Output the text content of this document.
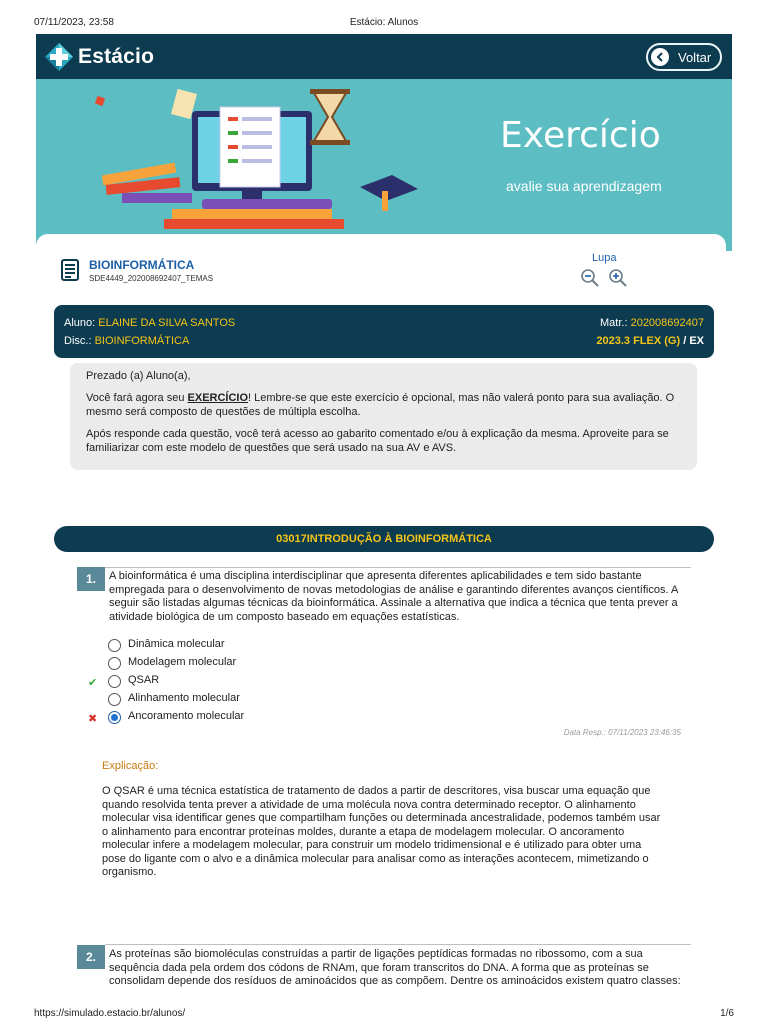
07/11/2023, 23:58	Estácio: Alunos
Estácio	Voltar
Exercício
avalie sua aprendizagem
BIOINFORMÁTICA
SDE4449_202008692407_TEMAS
Lupa
Aluno: ELAINE DA SILVA SANTOS
Disc.: BIOINFORMÁTICA
Matr.: 202008692407
2023.3 FLEX (G) / EX

Prezado (a) Aluno(a),

Você fará agora seu EXERCÍCIO! Lembre-se que este exercício é opcional, mas não valerá ponto para sua avaliação. O mesmo será composto de questões de múltipla escolha.

Após responde cada questão, você terá acesso ao gabarito comentado e/ou à explicação da mesma. Aproveite para se familiarizar com este modelo de questões que será usado na sua AV e AVS.

03017INTRODUÇÃO À BIOINFORMÁTICA
1.	A bioinformática é uma disciplina interdisciplinar que apresenta diferentes aplicabilidades e tem sido bastante empregada para o desenvolvimento de novas metodologias de análise e garantindo diferentes avanços científicos. A seguir são listadas algumas técnicas da bioinformática. Assinale a alternativa que indica a técnica que tenta prever a atividade biológica de um composto baseado em equações estatísticas.
Dinâmica molecular
Modelagem molecular
✔	QSAR
Alinhamento molecular
✖	Ancoramento molecular
Data Resp.: 07/11/2023 23:46:35
Explicação:
O QSAR é uma técnica estatística de tratamento de dados a partir de descritores, visa buscar uma equação que quando resolvida tenta prever a atividade de uma molécula nova contra determinado receptor. O alinhamento molecular visa identificar genes que compartilham funções ou determinada ancestralidade, podemos também usar o alinhamento para encontrar proteínas moldes, durante a etapa de modelagem molecular. O ancoramento molecular infere a modelagem molecular, para construir um modelo tridimensional e é utilizado para obter uma pose do ligante com o alvo e a dinâmica molecular para analisar como as interações acontecem, mimetizando o organismo.
2.	As proteínas são biomoléculas construídas a partir de ligações peptídicas formadas no ribossomo, com a sua sequência dada pela ordem dos códons de RNAm, que foram transcritos do DNA. A forma que as proteínas se consolidam depende dos resíduos de aminoácidos que as compõem. Dentre os aminoácidos existem quatro classes:
https://simulado.estacio.br/alunos/	1/6
